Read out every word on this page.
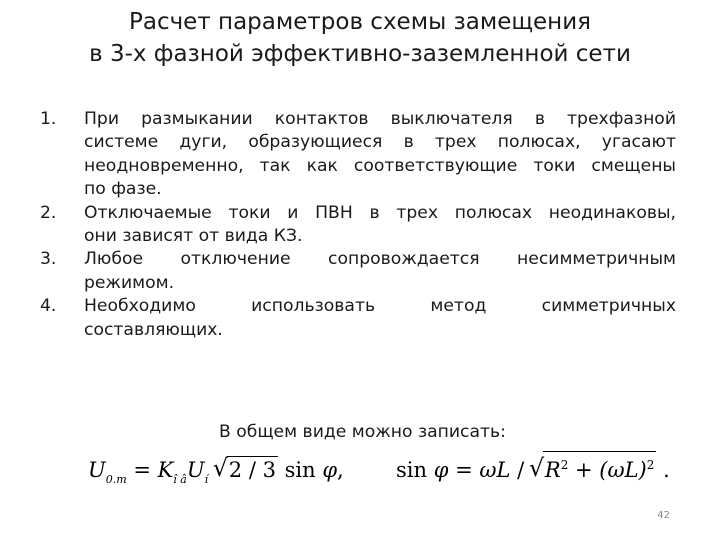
Расчет параметров схемы замещения
в 3-х фазной эффективно-заземленной сети
1. При размыкании контактов выключателя в трехфазной
системе дуги, образующиеся в трех полюсах, угасают
неодновременно, так как соответствующие токи смещены
по фазе.
2. Отключаемые токи и ПВН в трех полюсах неодинаковы,
они зависят от вида КЗ.
3. Любое отключение сопровождается несимметричным
режимом.
4. Необходимо использовать метод симметричных
составляющих.
В общем виде можно записать:
$U_{0.m} = K_{î â}U_í$ √ 2 / 3 sin φ, sin φ = ωL /
√ $R^2 + (\omega L)^2$ .
42
